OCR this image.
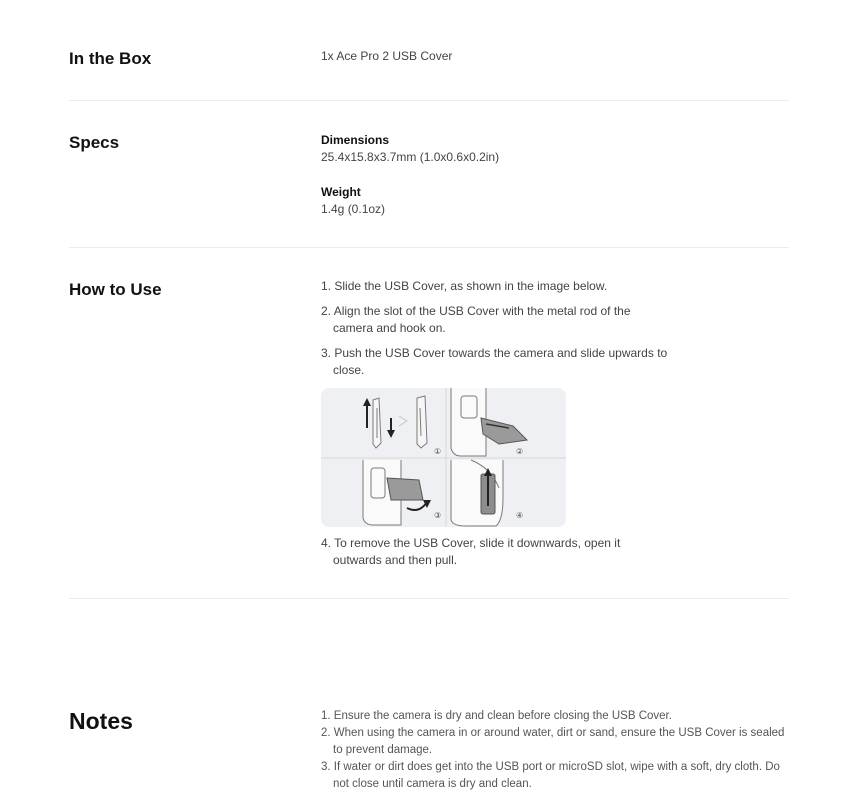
In the Box	1x Ace Pro 2 USB Cover

Specs	Dimensions

25.4x15.8x3.7mm (1.0x0.6x0.2in)

Weight

1.4g (0.1oz)

How to Use	1. Slide the USB Cover, as shown in the image below.
2. Align the slot of the USB Cover with the metal rod of the camera and hook on.
3. Push the USB Cover towards the camera and slide upwards to close.
①	②
③	④
4. To remove the USB Cover, slide it downwards, open it outwards and then pull.
Notes	1. Ensure the camera is dry and clean before closing the USB Cover.
2. When using the camera in or around water, dirt or sand, ensure the USB Cover is sealed to prevent damage.
3. If water or dirt does get into the USB port or microSD slot, wipe with a soft, dry cloth. Do not close until camera is dry and clean.
